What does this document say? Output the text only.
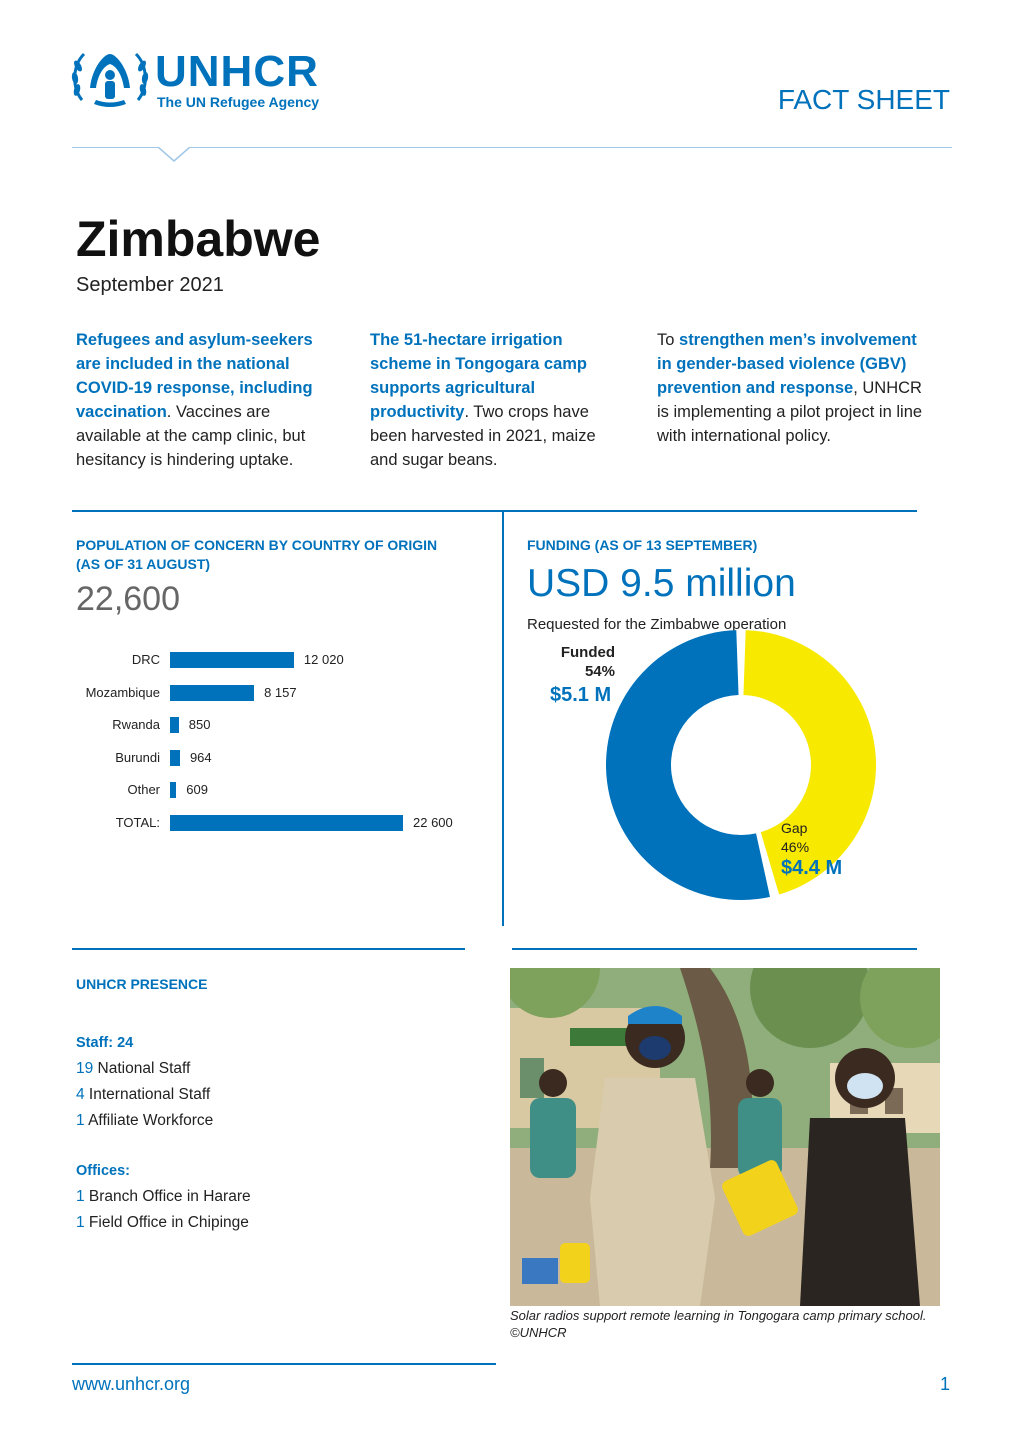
UNHCR
The UN Refugee Agency	FACT SHEET
Zimbabwe
September 2021
Refugees and asylum-seekers are included in the national COVID-19 response, including vaccination. Vaccines are available at the camp clinic, but hesitancy is hindering uptake.
The 51-hectare irrigation scheme in Tongogara camp supports agricultural productivity. Two crops have been harvested in 2021, maize and sugar beans.
To strengthen men’s involvement in gender-based violence (GBV) prevention and response, UNHCR is implementing a pilot project in line with international policy.
POPULATION OF CONCERN BY COUNTRY OF ORIGIN
(AS OF 31 AUGUST)
22,600
DRC	12 020
Mozambique	8 157
Rwanda 850
Burundi 964
Other 609
TOTAL:	22 600
FUNDING (AS OF 13 SEPTEMBER)
USD 9.5 million
Requested for the Zimbabwe operation
Funded
54%
$5.1 M
Gap
46%
$4.4 M
UNHCR PRESENCE
Staff: 24
19 National Staff
4 International Staff
1 Affiliate Workforce
Offices:
1 Branch Office in Harare
1 Field Office in Chipinge
Solar radios support remote learning in Tongogara camp primary school. ©UNHCR
www.unhcr.org	1
